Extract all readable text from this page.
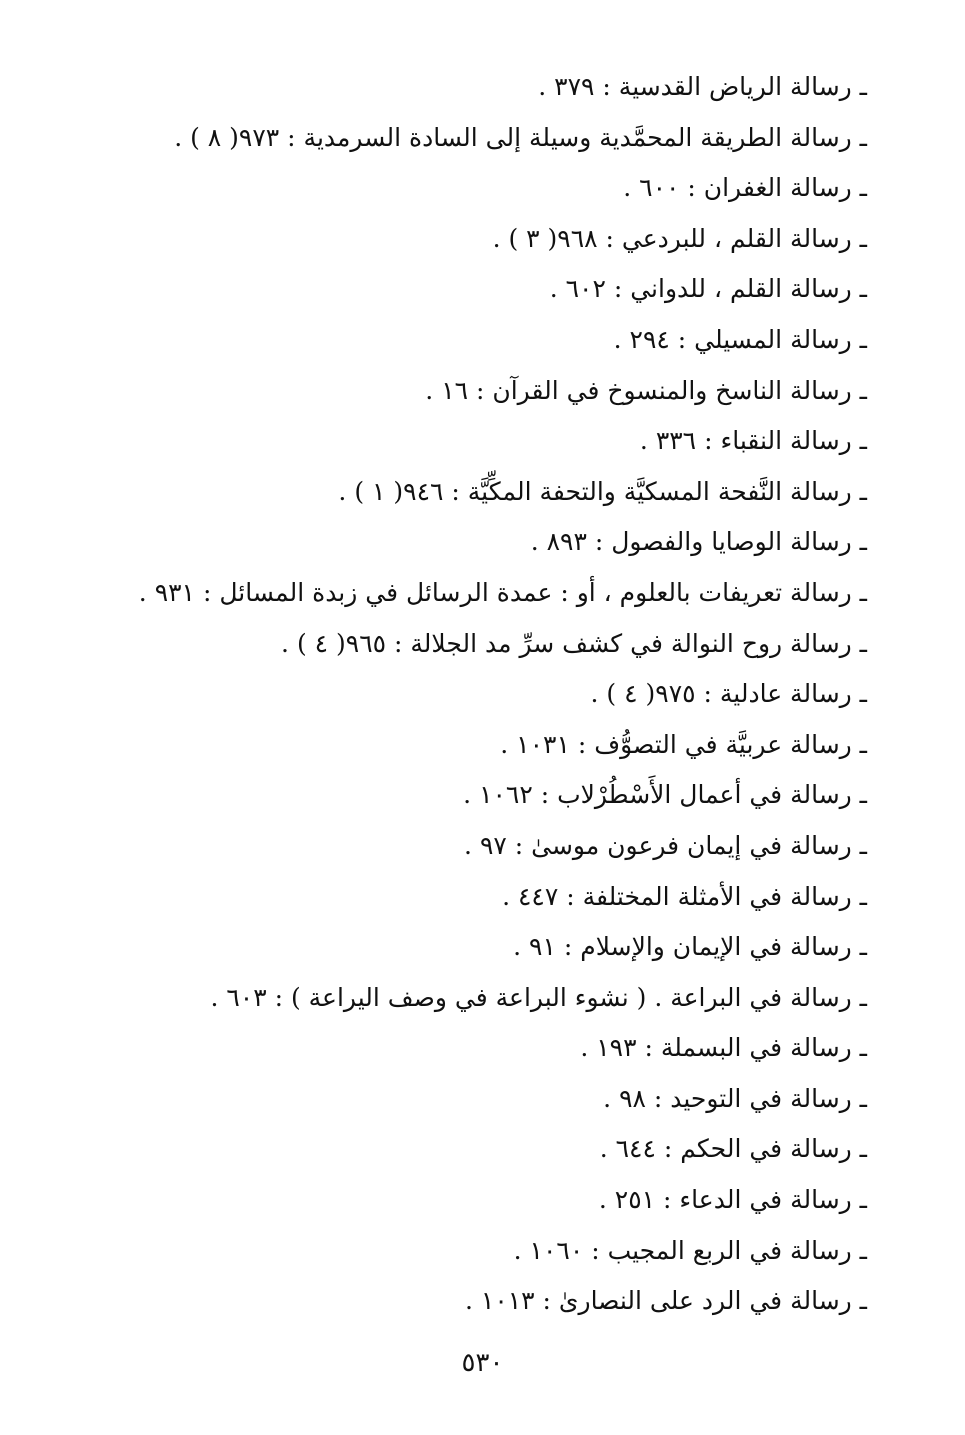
ـ رسالة الرياض القدسية : ٣٧٩ .
ـ رسالة الطريقة المحمَّدية وسيلة إلى السادة السرمدية : ٩٧٣( ٨ ) .
ـ رسالة الغفران : ٦٠٠ .
ـ رسالة القلم ، للبردعي : ٩٦٨( ٣ ) .
ـ رسالة القلم ، للدواني : ٦٠٢ .
ـ رسالة المسيلي : ٢٩٤ .
ـ رسالة الناسخ والمنسوخ في القرآن : ١٦ .
ـ رسالة النقباء : ٣٣٦ .
ـ رسالة النَّفحة المسكيَّة والتحفة المكِّيَّة : ٩٤٦( ١ ) .
ـ رسالة الوصايا والفصول : ٨٩٣ .
ـ رسالة تعريفات بالعلوم ، أو : عمدة الرسائل في زبدة المسائل : ٩٣١ .
ـ رسالة روح النوالة في كشف سرِّ مد الجلالة : ٩٦٥( ٤ ) .
ـ رسالة عادلية : ٩٧٥( ٤ ) .
ـ رسالة عربيَّة في التصوُّف : ١٠٣١ .
ـ رسالة في أعمال الأَسْطُرْلاب : ١٠٦٢ .
ـ رسالة في إيمان فرعون موسىٰ : ٩٧ .
ـ رسالة في الأمثلة المختلفة : ٤٤٧ .
ـ رسالة في الإيمان والإسلام : ٩١ .
ـ رسالة في البراعة . ( نشوء البراعة في وصف اليراعة ) : ٦٠٣ .
ـ رسالة في البسملة : ١٩٣ .
ـ رسالة في التوحيد : ٩٨ .
ـ رسالة في الحكم : ٦٤٤ .
ـ رسالة في الدعاء : ٢٥١ .
ـ رسالة في الربع المجيب : ١٠٦٠ .
ـ رسالة في الرد على النصارىٰ : ١٠١٣ .
٥٣٠
